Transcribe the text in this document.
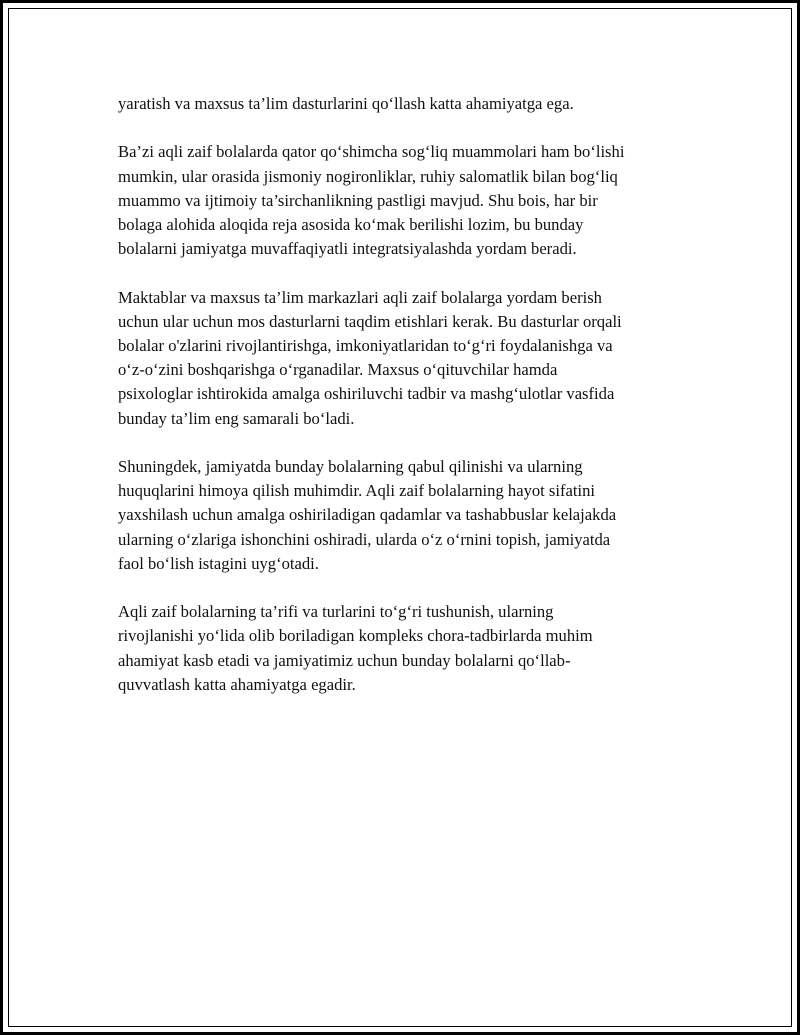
yaratish va maxsus ta’lim dasturlarini qo‘llash katta ahamiyatga ega.

Ba’zi aqli zaif bolalarda qator qo‘shimcha sog‘liq muammolari ham bo‘lishi
mumkin, ular orasida jismoniy nogironliklar, ruhiy salomatlik bilan bog‘liq
muammo va ijtimoiy ta’sirchanlikning pastligi mavjud. Shu bois, har bir
bolaga alohida aloqida reja asosida ko‘mak berilishi lozim, bu bunday
bolalarni jamiyatga muvaffaqiyatli integratsiyalashda yordam beradi.

Maktablar va maxsus ta’lim markazlari aqli zaif bolalarga yordam berish
uchun ular uchun mos dasturlarni taqdim etishlari kerak. Bu dasturlar orqali
bolalar o'zlarini rivojlantirishga, imkoniyatlaridan to‘g‘ri foydalanishga va
o‘z-o‘zini boshqarishga o‘rganadilar. Maxsus o‘qituvchilar hamda
psixologlar ishtirokida amalga oshiriluvchi tadbir va mashg‘ulotlar vasfida
bunday ta’lim eng samarali bo‘ladi.

Shuningdek, jamiyatda bunday bolalarning qabul qilinishi va ularning
huquqlarini himoya qilish muhimdir. Aqli zaif bolalarning hayot sifatini
yaxshilash uchun amalga oshiriladigan qadamlar va tashabbuslar kelajakda
ularning o‘zlariga ishonchini oshiradi, ularda o‘z o‘rnini topish, jamiyatda
faol bo‘lish istagini uyg‘otadi.

Aqli zaif bolalarning ta’rifi va turlarini to‘g‘ri tushunish, ularning
rivojlanishi yo‘lida olib boriladigan kompleks chora-tadbirlarda muhim
ahamiyat kasb etadi va jamiyatimiz uchun bunday bolalarni qo‘llab-
quvvatlash katta ahamiyatga egadir.
